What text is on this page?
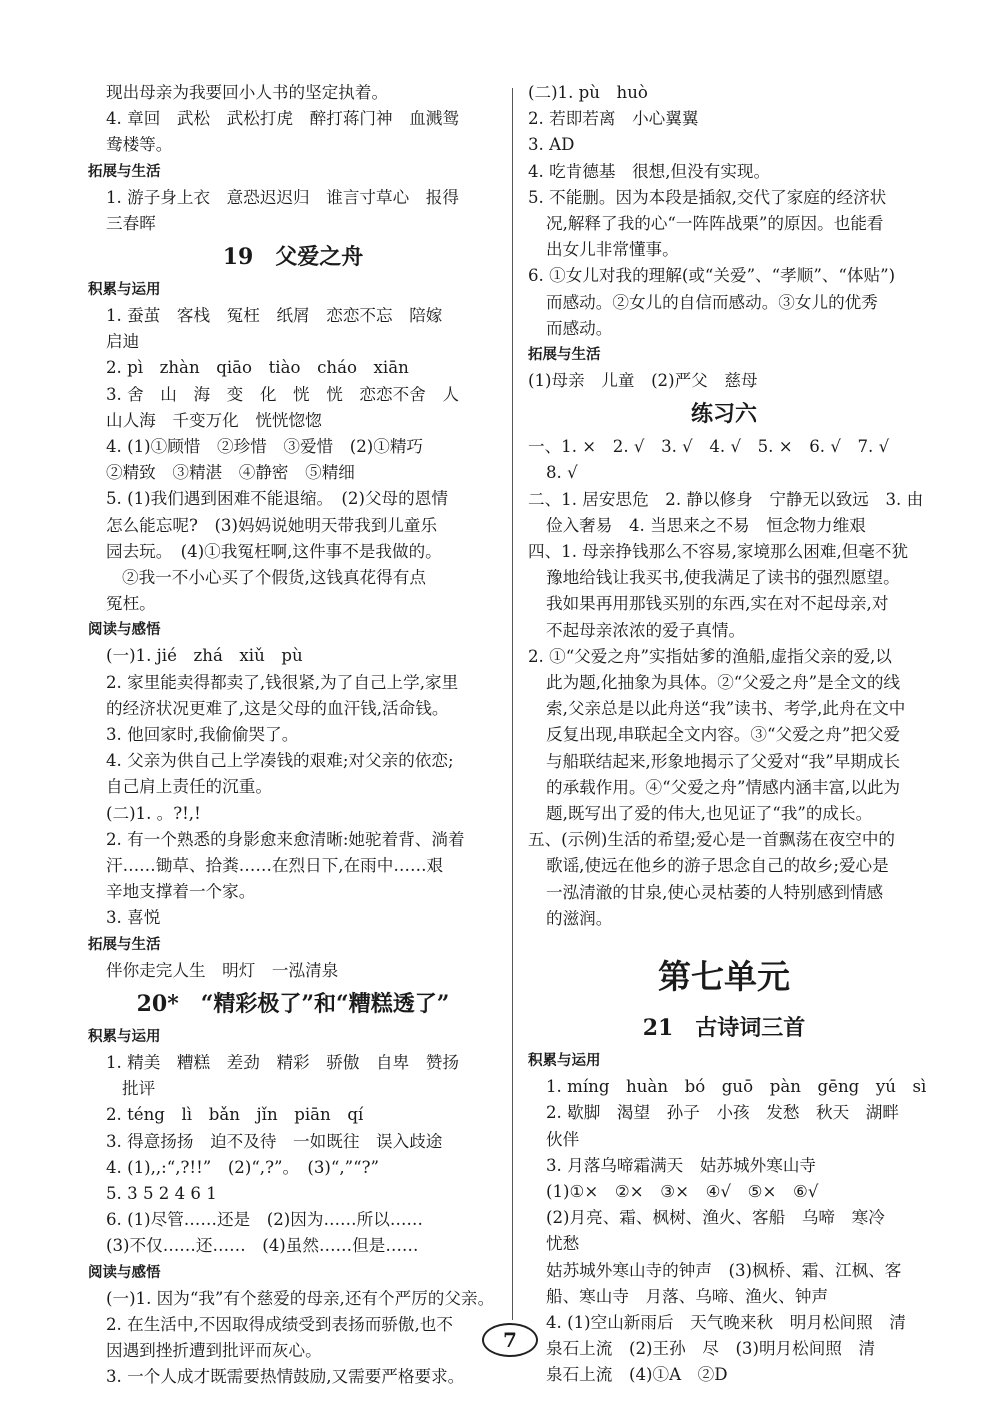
现出母亲为我要回小人书的坚定执着。
4. 章回　武松　武松打虎　醉打蒋门神　血溅鸳
鸯楼等。
拓展与生活
1. 游子身上衣　意恐迟迟归　谁言寸草心　报得
三春晖
19　父爱之舟
积累与运用
1. 蚕茧　客栈　冤枉　纸屑　恋恋不忘　陪嫁
启迪
2. pì　zhàn　qiāo　tiào　cháo　xiān
3. 舍　山　海　变　化　恍　恍　恋恋不舍　人
山人海　千变万化　恍恍惚惚
4. (1)①顾惜　②珍惜　③爱惜　(2)①精巧
②精致　③精湛　④静密　⑤精细
5. (1)我们遇到困难不能退缩。　(2)父母的恩情
怎么能忘呢?　(3)妈妈说她明天带我到儿童乐
园去玩。　(4)①我冤枉啊,这件事不是我做的。
②我一不小心买了个假货,这钱真花得有点
冤枉。
阅读与感悟
(一)1. jié　zhá　xiǔ　pù
2. 家里能卖得都卖了,钱很紧,为了自己上学,家里
的经济状况更难了,这是父母的血汗钱,活命钱。
3. 他回家时,我偷偷哭了。
4. 父亲为供自己上学凑钱的艰难;对父亲的依恋;
自己肩上责任的沉重。
(二)1. 。?!,!
2. 有一个熟悉的身影愈来愈清晰:她驼着背、淌着
汗……锄草、拾粪……在烈日下,在雨中……艰
辛地支撑着一个家。
3. 喜悦
拓展与生活
伴你走完人生　明灯　一泓清泉
20*　“精彩极了”和“糟糕透了”
积累与运用
1. 精美　糟糕　差劲　精彩　骄傲　自卑　赞扬
批评
2. téng　lì　bǎn　jǐn　piān　qí
3. 得意扬扬　迫不及待　一如既往　误入歧途
4. (1),,:“,?!!”　(2)“,?”。　(3)“,”“?”
5. 3 5 2 4 6 1
6. (1)尽管……还是　(2)因为……所以……
(3)不仅……还……　(4)虽然……但是……
阅读与感悟
(一)1. 因为“我”有个慈爱的母亲,还有个严厉的父亲。
2. 在生活中,不因取得成绩受到表扬而骄傲,也不
因遇到挫折遭到批评而灰心。
3. 一个人成才既需要热情鼓励,又需要严格要求。
(二)1. pù　huò
2. 若即若离　小心翼翼
3. AD
4. 吃肯德基　很想,但没有实现。
5. 不能删。因为本段是插叙,交代了家庭的经济状
况,解释了我的心“一阵阵战栗”的原因。也能看
出女儿非常懂事。
6. ①女儿对我的理解(或“关爱”、“孝顺”、“体贴”)
而感动。②女儿的自信而感动。③女儿的优秀
而感动。
拓展与生活
(1)母亲　儿童　(2)严父　慈母
练习六
一、1. ×　2. √　3. √　4. √　5. ×　6. √　7. √
8. √
二、1. 居安思危　2. 静以修身　宁静无以致远　3. 由
俭入奢易　4. 当思来之不易　恒念物力维艰
四、1. 母亲挣钱那么不容易,家境那么困难,但毫不犹
豫地给钱让我买书,使我满足了读书的强烈愿望。
我如果再用那钱买别的东西,实在对不起母亲,对
不起母亲浓浓的爱子真情。
2. ①“父爱之舟”实指姑爹的渔船,虚指父亲的爱,以
此为题,化抽象为具体。②“父爱之舟”是全文的线
索,父亲总是以此舟送“我”读书、考学,此舟在文中
反复出现,串联起全文内容。③“父爱之舟”把父爱
与船联结起来,形象地揭示了父爱对“我”早期成长
的承载作用。④“父爱之舟”情感内涵丰富,以此为
题,既写出了爱的伟大,也见证了“我”的成长。
五、(示例)生活的希望;爱心是一首飘荡在夜空中的
歌谣,使远在他乡的游子思念自己的故乡;爱心是
一泓清澈的甘泉,使心灵枯萎的人特别感到情感
的滋润。
第七单元
21　古诗词三首
积累与运用
1. míng　huàn　bó　guō　pàn　gēng　yú　sì
2. 歇脚　渴望　孙子　小孩　发愁　秋天　湖畔
伙伴
3. 月落乌啼霜满天　姑苏城外寒山寺
(1)①×　②×　③×　④√　⑤×　⑥√
(2)月亮、霜、枫树、渔火、客船　乌啼　寒冷
忧愁
姑苏城外寒山寺的钟声　(3)枫桥、霜、江枫、客
船、寒山寺　月落、乌啼、渔火、钟声
4. (1)空山新雨后　天气晚来秋　明月松间照　清
泉石上流　(2)王孙　尽　(3)明月松间照　清
泉石上流　(4)①A　②D
7
